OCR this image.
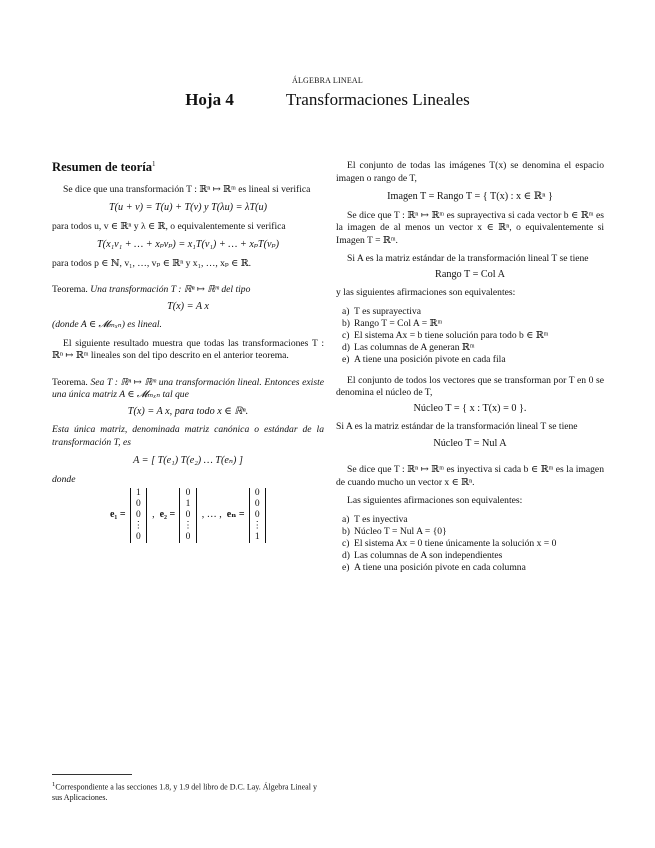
ÁLGEBRA LINEAL
Hoja 4	Transformaciones Lineales
Resumen de teoría$^1$

Se dice que una transformación T : ℝⁿ ↦ ℝᵐ es lineal si verifica

T(u + v) = T(u) + T(v) y T(λu) = λT(u)

para todos u, v ∈ ℝⁿ y λ ∈ ℝ, o equivalentemente si verifica

T(x₁v₁ + … + xₚvₚ) = x₁T(v₁) + … + xₚT(vₚ)

para todos p ∈ ℕ, v₁, …, vₚ ∈ ℝⁿ y x₁, …, xₚ ∈ ℝ.

Teorema. Una transformación T : ℝⁿ ↦ ℝᵐ del tipo

T(x) = A x

(donde A ∈ 𝓜ₘₓₙ) es lineal.

El siguiente resultado muestra que todas las transformaciones T : ℝⁿ ↦ ℝᵐ lineales son del tipo descrito en el anterior teorema.

Teorema. Sea T : ℝⁿ ↦ ℝᵐ una transformación lineal. Entonces existe una única matriz A ∈ 𝓜ₘₓₙ tal que

T(x) = A x, para todo x ∈ ℝⁿ.

Esta única matriz, denominada matriz canónica o estándar de la transformación T, es

A = [ T(e₁) T(e₂) … T(eₙ) ]

donde

e₁ =
1
0
0
⋮
0
, e₂ =
0
1
0
⋮
0
, … , eₙ =
0
0
0
⋮
1

El conjunto de todas las imágenes T(x) se denomina el espacio imagen o rango de T,

Imagen T = Rango T = { T(x) : x ∈ ℝⁿ }

Se dice que T : ℝⁿ ↦ ℝᵐ es suprayectiva si cada vector b ∈ ℝᵐ es la imagen de al menos un vector x ∈ ℝⁿ, o equivalentemente si Imagen T = ℝᵐ.

Si A es la matriz estándar de la transformación lineal T se tiene

Rango T = Col A

y las siguientes afirmaciones son equivalentes:

a) T es suprayectiva
b) Rango T = Col A = ℝᵐ
c) El sistema Ax = b tiene solución para todo b ∈ ℝᵐ
d) Las columnas de A generan ℝᵐ
e) A tiene una posición pivote en cada fila

El conjunto de todos los vectores que se transforman por T en 0 se denomina el núcleo de T,

Núcleo T = { x : T(x) = 0 }.

Si A es la matriz estándar de la transformación lineal T se tiene

Núcleo T = Nul A

Se dice que T : ℝⁿ ↦ ℝᵐ es inyectiva si cada b ∈ ℝᵐ es la imagen de cuando mucho un vector x ∈ ℝⁿ.

Las siguientes afirmaciones son equivalentes:

a) T es inyectiva
b) Núcleo T = Nul A = {0}
c) El sistema Ax = 0 tiene únicamente la solución x = 0
d) Las columnas de A son independientes
e) A tiene una posición pivote en cada columna
$^1$Correspondiente a las secciones 1.8, y 1.9 del libro de D.C. Lay. Álgebra Lineal y sus Aplicaciones.
